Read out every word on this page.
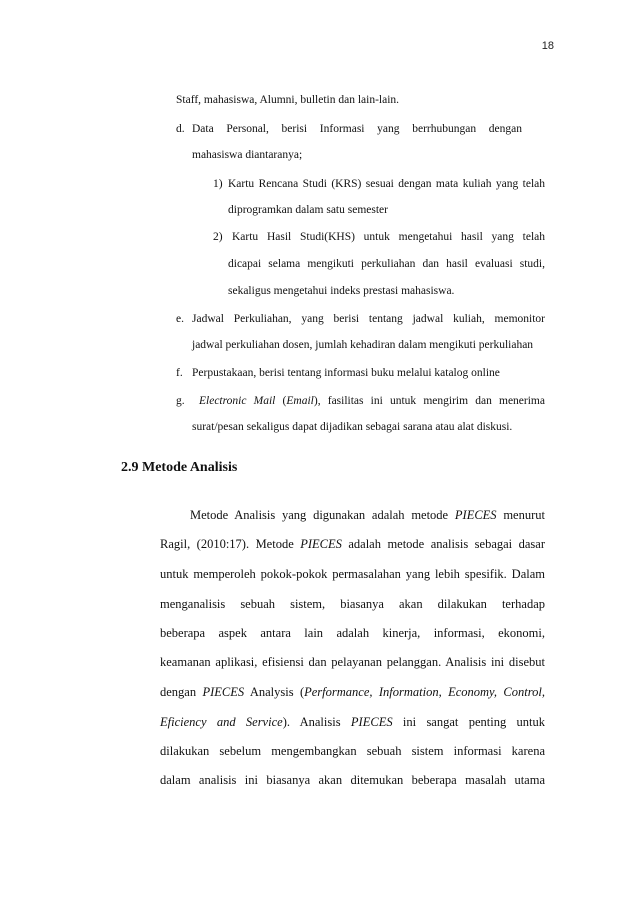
18
Staff, mahasiswa, Alumni, bulletin dan lain-lain.
d. Data Personal, berisi Informasi yang berrhubungan dengan
mahasiswa diantaranya;
1) Kartu Rencana Studi (KRS) sesuai dengan mata kuliah yang telah
diprogramkan dalam satu semester
2) Kartu Hasil Studi(KHS) untuk mengetahui hasil yang telah
dicapai selama mengikuti perkuliahan dan hasil evaluasi studi,
sekaligus mengetahui indeks prestasi mahasiswa.
e. Jadwal Perkuliahan, yang berisi tentang jadwal kuliah, memonitor
jadwal perkuliahan dosen, jumlah kehadiran dalam mengikuti perkuliahan
f. Perpustakaan, berisi tentang informasi buku melalui katalog online
g. Electronic Mail (Email), fasilitas ini untuk mengirim dan menerima
surat/pesan sekaligus dapat dijadikan sebagai sarana atau alat diskusi.
2.9 Metode Analisis
Metode Analisis yang digunakan adalah metode PIECES menurut
Ragil, (2010:17). Metode PIECES adalah metode analisis sebagai dasar
untuk memperoleh pokok-pokok permasalahan yang lebih spesifik. Dalam
menganalisis sebuah sistem, biasanya akan dilakukan terhadap
beberapa aspek antara lain adalah kinerja, informasi, ekonomi,
keamanan aplikasi, efisiensi dan pelayanan pelanggan. Analisis ini disebut
dengan PIECES Analysis (Performance, Information, Economy, Control,
Eficiency and Service). Analisis PIECES ini sangat penting untuk
dilakukan sebelum mengembangkan sebuah sistem informasi karena
dalam analisis ini biasanya akan ditemukan beberapa masalah utama
